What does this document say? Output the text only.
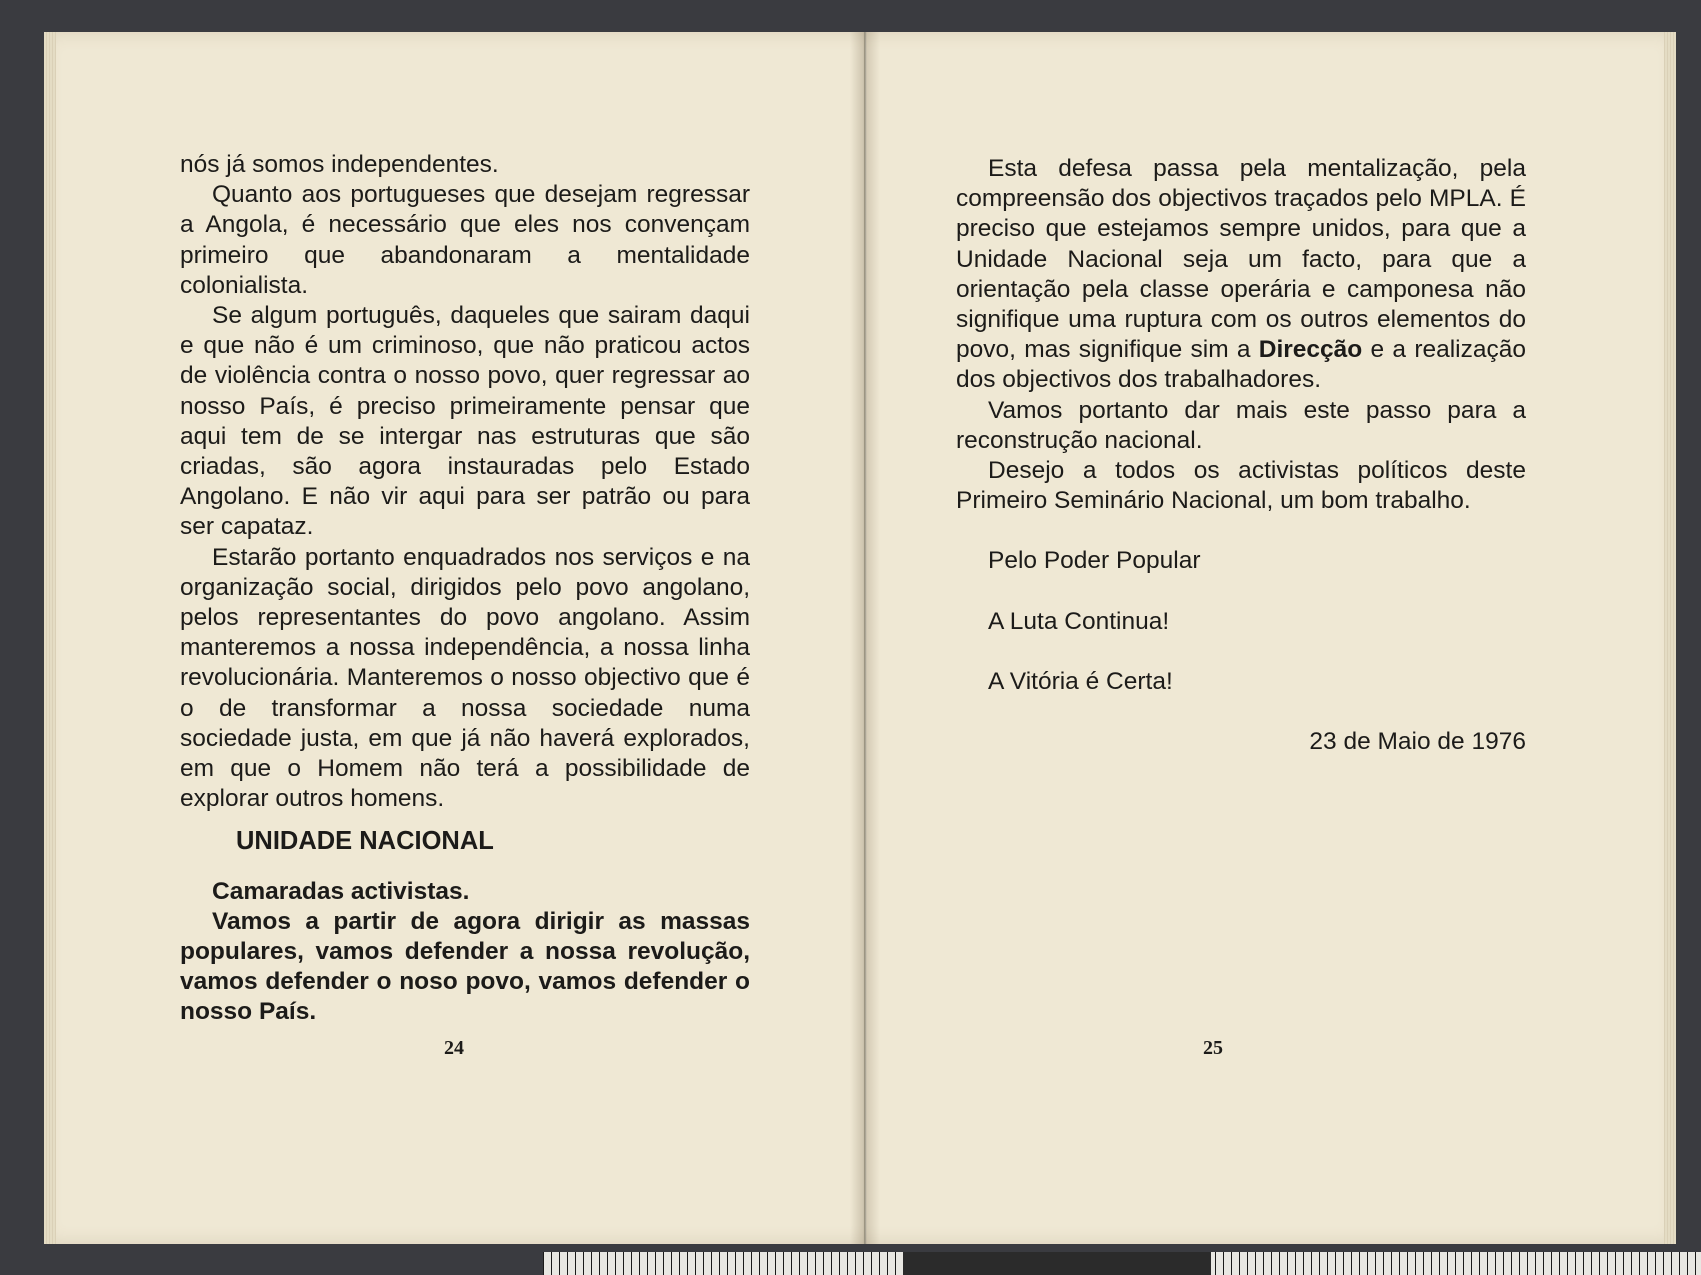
nós já somos independentes.

Quanto aos portugueses que desejam regressar a Angola, é necessário que eles nos convençam primeiro que abandonaram a mentalidade colonialista.

Se algum português, daqueles que sairam daqui e que não é um criminoso, que não praticou actos de violência contra o nosso povo, quer regressar ao nosso País, é preciso primeiramente pensar que aqui tem de se intergar nas estruturas que são criadas, são agora instauradas pelo Estado Angolano. E não vir aqui para ser patrão ou para ser capataz.

Estarão portanto enquadrados nos serviços e na organização social, dirigidos pelo povo angolano, pelos representantes do povo angolano. Assim manteremos a nossa independência, a nossa linha revolucionária. Manteremos o nosso objectivo que é o de transformar a nossa sociedade numa sociedade justa, em que já não haverá explorados, em que o Homem não terá a possibilidade de explorar outros homens.

UNIDADE NACIONAL

Camaradas activistas.

Vamos a partir de agora dirigir as massas populares, vamos defender a nossa revolução, vamos defender o noso povo, vamos defender o nosso País.

24

Esta defesa passa pela mentalização, pela compreensão dos objectivos traçados pelo MPLA. É preciso que estejamos sempre unidos, para que a Unidade Nacional seja um facto, para que a orientação pela classe operária e camponesa não signifique uma ruptura com os outros elementos do povo, mas signifique sim a Direcção e a realização dos objectivos dos trabalhadores.

Vamos portanto dar mais este passo para a reconstrução nacional.

Desejo a todos os activistas políticos deste Primeiro Seminário Nacional, um bom trabalho.

Pelo Poder Popular

A Luta Continua!

A Vitória é Certa!

23 de Maio de 1976

25
